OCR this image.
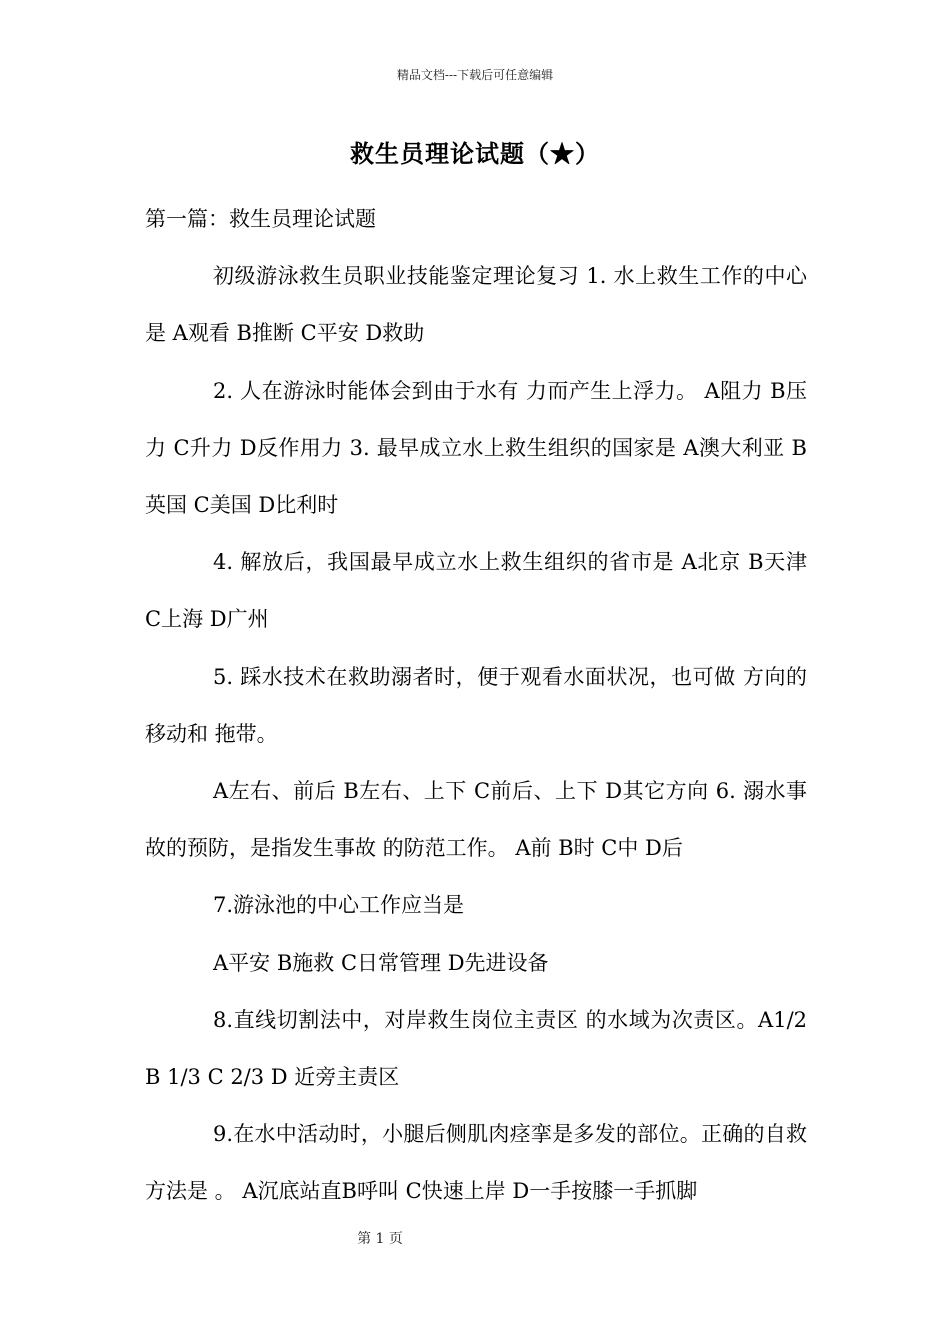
精品文档---下载后可任意编辑
救生员理论试题（★）

第一篇：救生员理论试题

初级游泳救生员职业技能鉴定理论复习 1. 水上救生工作的中心是 A观看 B推断 C平安 D救助

2. 人在游泳时能体会到由于水有 力而产生上浮力。 A阻力 B压力 C升力 D反作用力 3. 最早成立水上救生组织的国家是 A澳大利亚 B英国 C美国 D比利时

4. 解放后，我国最早成立水上救生组织的省市是 A北京 B天津 C上海 D广州

5. 踩水技术在救助溺者时，便于观看水面状况，也可做 方向的移动和 拖带。

A左右、前后 B左右、上下 C前后、上下 D其它方向 6. 溺水事故的预防，是指发生事故 的防范工作。 A前 B时 C中 D后

7.游泳池的中心工作应当是

A平安 B施救 C日常管理 D先进设备

8.直线切割法中，对岸救生岗位主责区 的水域为次责区。A1/2 B 1/3 C 2/3 D 近旁主责区

9.在水中活动时，小腿后侧肌肉痉挛是多发的部位。正确的自救方法是 。 A沉底站直B呼叫 C快速上岸 D一手按膝一手抓脚

第 1 页
